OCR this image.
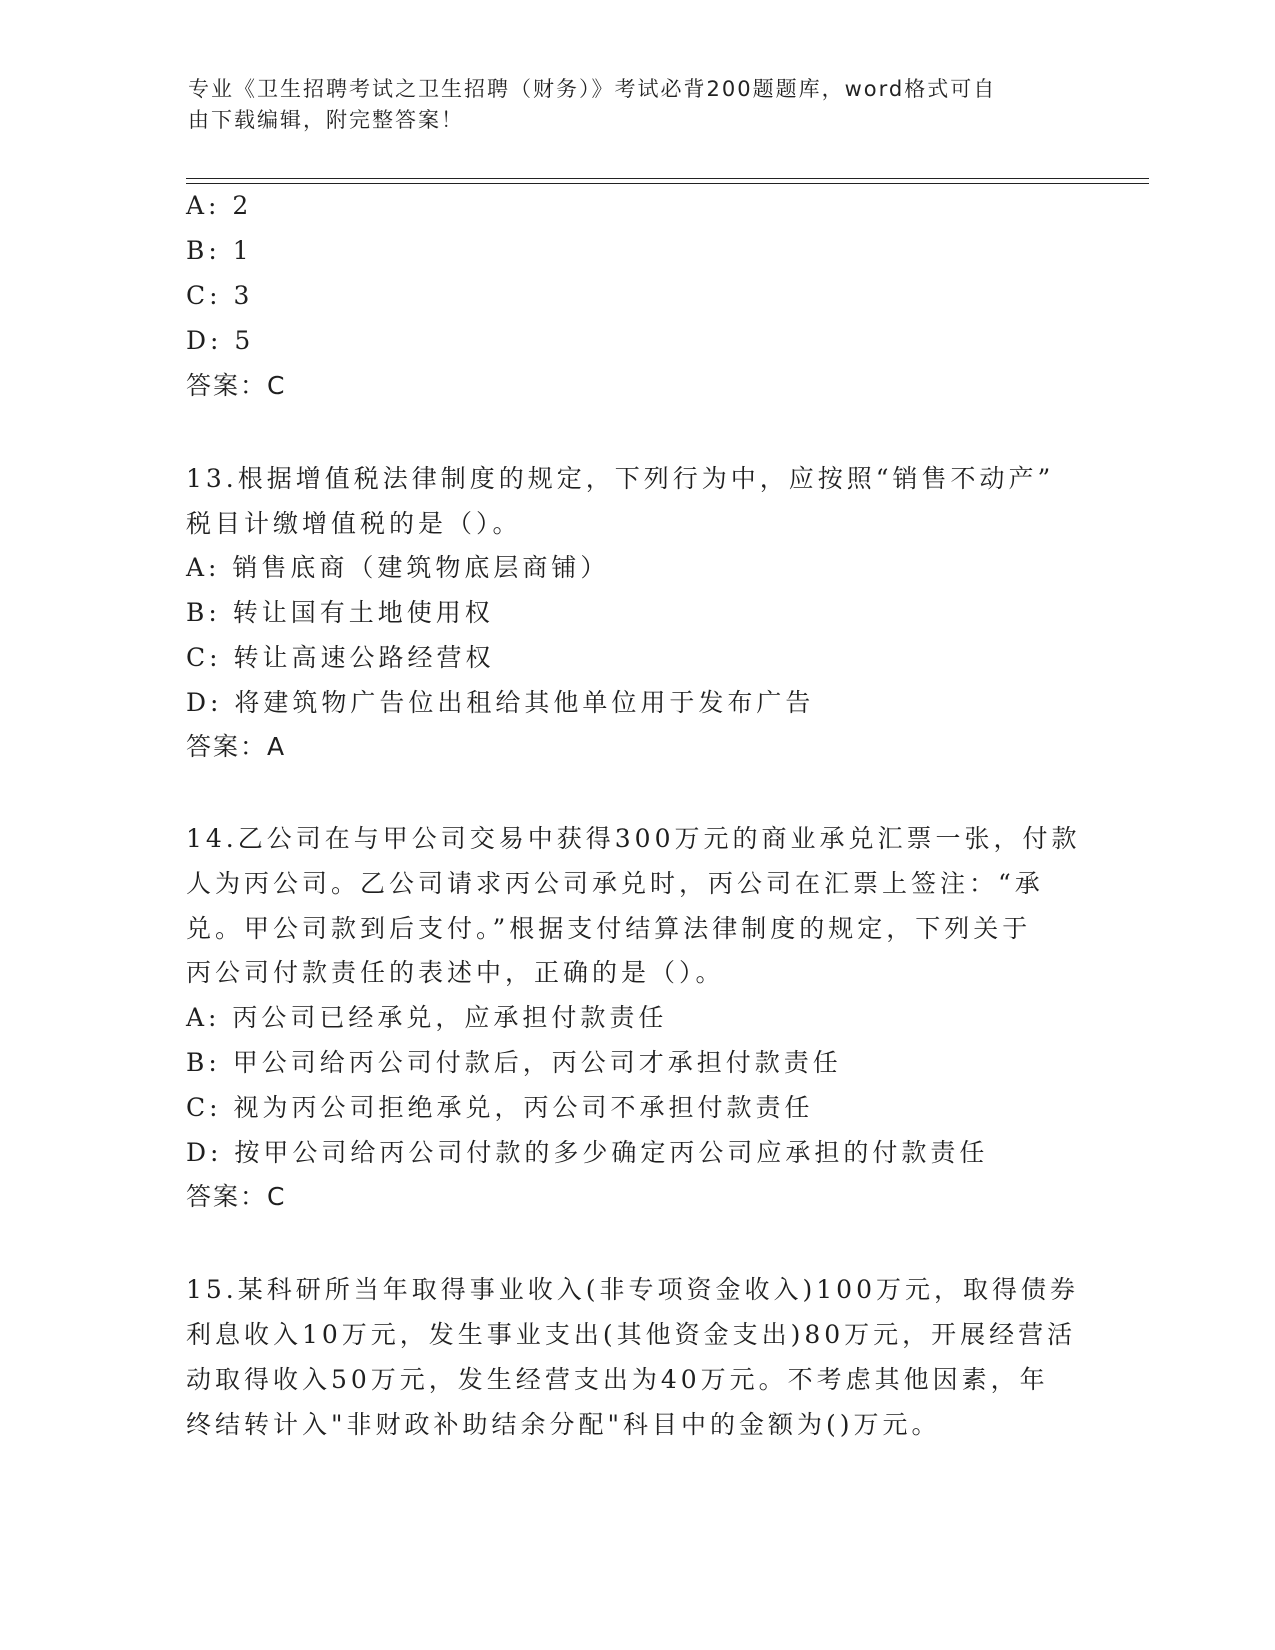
专业《卫生招聘考试之卫生招聘（财务）》考试必背200题题库，word格式可自
由下载编辑，附完整答案！
A: 2
B: 1
C: 3
D: 5
答案：C
13.根据增值税法律制度的规定，下列行为中，应按照“销售不动产”
税目计缴增值税的是（）。
A: 销售底商（建筑物底层商铺）
B: 转让国有土地使用权
C: 转让高速公路经营权
D: 将建筑物广告位出租给其他单位用于发布广告
答案：A
14.乙公司在与甲公司交易中获得300万元的商业承兑汇票一张，付款
人为丙公司。乙公司请求丙公司承兑时，丙公司在汇票上签注：“承
兑。甲公司款到后支付。”根据支付结算法律制度的规定，下列关于
丙公司付款责任的表述中，正确的是（）。
A: 丙公司已经承兑，应承担付款责任
B: 甲公司给丙公司付款后，丙公司才承担付款责任
C: 视为丙公司拒绝承兑，丙公司不承担付款责任
D: 按甲公司给丙公司付款的多少确定丙公司应承担的付款责任
答案：C
15.某科研所当年取得事业收入(非专项资金收入)100万元，取得债券
利息收入10万元，发生事业支出(其他资金支出)80万元，开展经营活
动取得收入50万元，发生经营支出为40万元。不考虑其他因素，年
终结转计入"非财政补助结余分配"科目中的金额为()万元。
